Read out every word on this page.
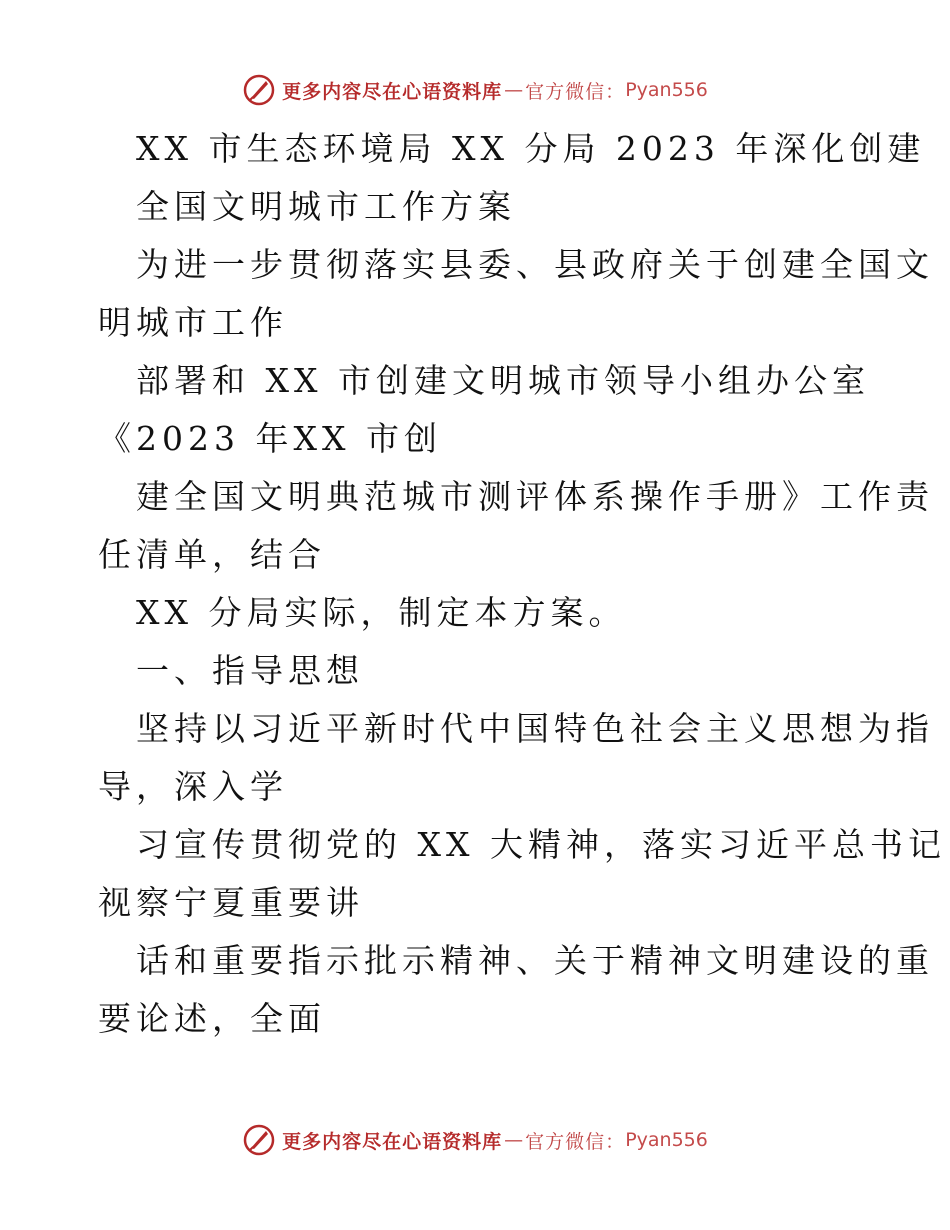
更多内容尽在心语资料库 — 官方微信： Pyan556

XX 市生态环境局 XX 分局 2023 年深化创建

全国文明城市工作方案

为进一步贯彻落实县委、县政府关于创建全国文

明城市工作

部署和 XX 市创建文明城市领导小组办公室

《2023 年XX 市创

建全国文明典范城市测评体系操作手册》工作责

任清单，结合

XX 分局实际，制定本方案。

一、指导思想

坚持以习近平新时代中国特色社会主义思想为指

导，深入学

习宣传贯彻党的 XX 大精神，落实习近平总书记

视察宁夏重要讲

话和重要指示批示精神、关于精神文明建设的重

要论述，全面

更多内容尽在心语资料库 — 官方微信： Pyan556
